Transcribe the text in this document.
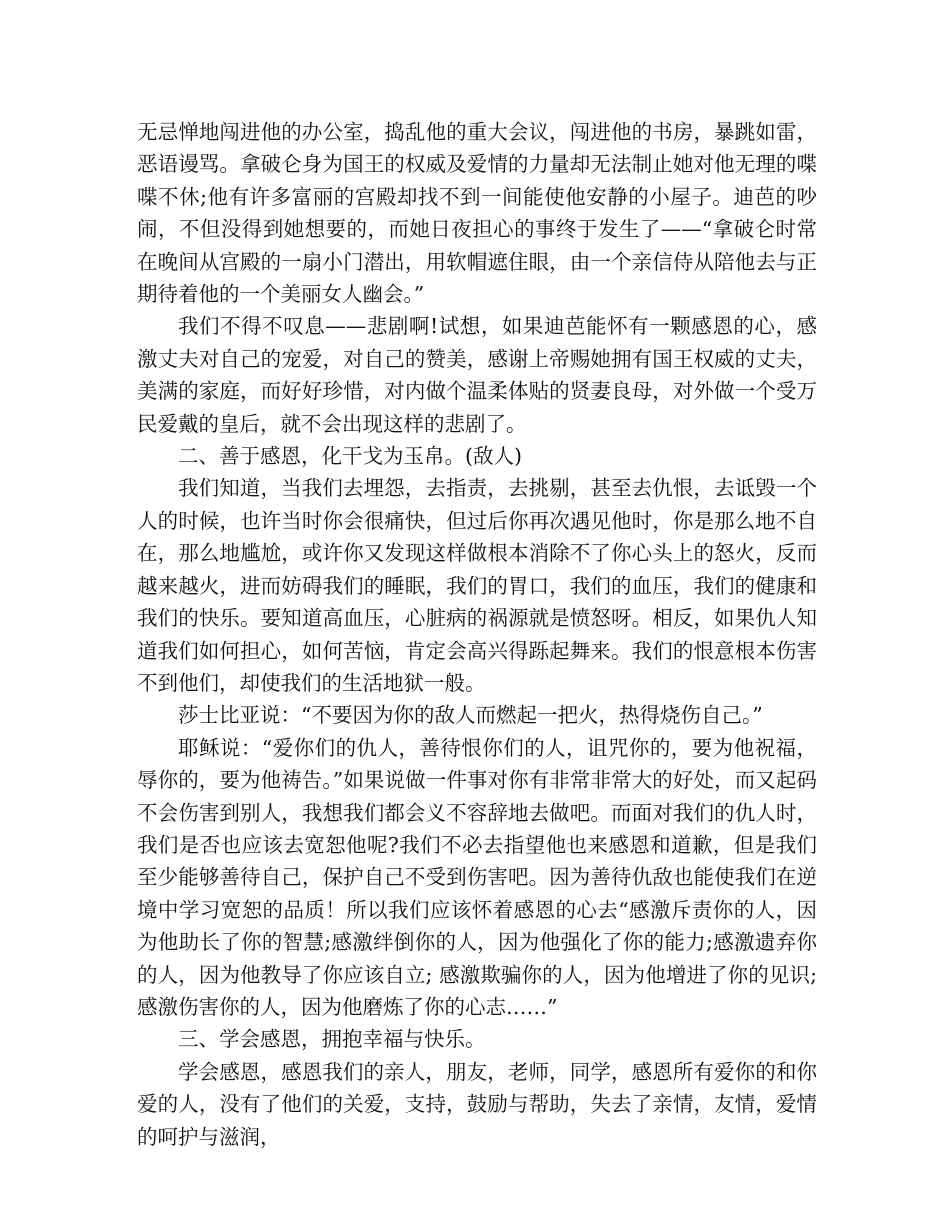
无忌惮地闯进他的办公室，捣乱他的重大会议，闯进他的书房，暴跳如雷，恶语谩骂。拿破仑身为国王的权威及爱情的力量却无法制止她对他无理的喋喋不休;他有许多富丽的宫殿却找不到一间能使他安静的小屋子。迪芭的吵闹，不但没得到她想要的，而她日夜担心的事终于发生了——“拿破仑时常在晚间从宫殿的一扇小门潜出，用软帽遮住眼，由一个亲信侍从陪他去与正期待着他的一个美丽女人幽会。”

我们不得不叹息——悲剧啊!试想，如果迪芭能怀有一颗感恩的心，感激丈夫对自己的宠爱，对自己的赞美，感谢上帝赐她拥有国王权威的丈夫，美满的家庭，而好好珍惜，对内做个温柔体贴的贤妻良母，对外做一个受万民爱戴的皇后，就不会出现这样的悲剧了。

二、善于感恩，化干戈为玉帛。(敌人)

我们知道，当我们去埋怨，去指责，去挑剔，甚至去仇恨，去诋毁一个人的时候，也许当时你会很痛快，但过后你再次遇见他时，你是那么地不自在，那么地尴尬，或许你又发现这样做根本消除不了你心头上的怒火，反而越来越火，进而妨碍我们的睡眠，我们的胃口，我们的血压，我们的健康和我们的快乐。要知道高血压，心脏病的祸源就是愤怒呀。相反，如果仇人知道我们如何担心，如何苦恼，肯定会高兴得跞起舞来。我们的恨意根本伤害不到他们，却使我们的生活地狱一般。

莎士比亚说：“不要因为你的敌人而燃起一把火，热得烧伤自己。”

耶稣说：“爱你们的仇人，善待恨你们的人，诅咒你的，要为他祝福，辱你的，要为他祷告。”如果说做一件事对你有非常非常大的好处，而又起码不会伤害到别人，我想我们都会义不容辞地去做吧。而面对我们的仇人时，我们是否也应该去宽恕他呢?我们不必去指望他也来感恩和道歉，但是我们至少能够善待自己，保护自己不受到伤害吧。因为善待仇敌也能使我们在逆境中学习宽恕的品质！所以我们应该怀着感恩的心去“感激斥责你的人，因为他助长了你的智慧;感激绊倒你的人，因为他强化了你的能力;感激遗弃你的人，因为他教导了你应该自立; 感激欺骗你的人，因为他增进了你的见识;感激伤害你的人，因为他磨炼了你的心志……”

三、学会感恩，拥抱幸福与快乐。

学会感恩，感恩我们的亲人，朋友，老师，同学，感恩所有爱你的和你爱的人，没有了他们的关爱，支持，鼓励与帮助，失去了亲情，友情，爱情的呵护与滋润，
